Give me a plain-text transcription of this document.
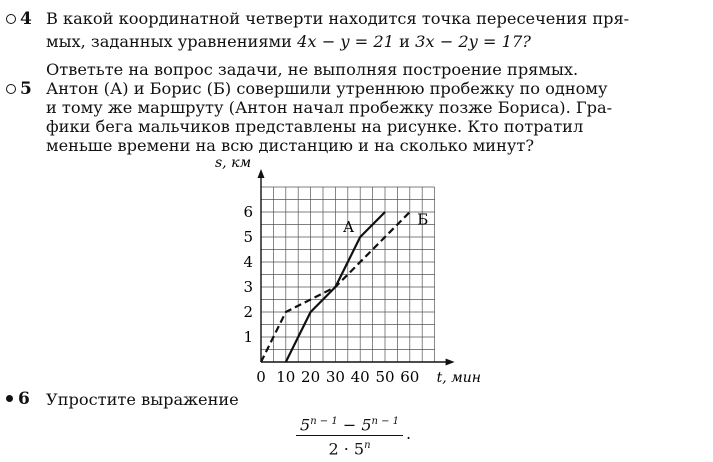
4 В какой координатной четверти находится точка пересечения пря-
мых, заданных уравнениями 4x − y = 21 и 3x − 2y = 17?
Ответьте на вопрос задачи, не выполняя построение прямых.
5 Антон (А) и Борис (Б) совершили утреннюю пробежку по одному
и тому же маршруту (Антон начал пробежку позже Бориса). Гра-
фики бега мальчиков представлены на рисунке. Кто потратил
меньше времени на всю дистанцию и на сколько минут?
0 10 20 30 40 50 60
1
2
3
4
5
6
s, км
t, мин
А	Б
6 Упростите выражение
$5^{n - 1} - 5^{n - 1}$
$2 \cdot 5^n$
.
